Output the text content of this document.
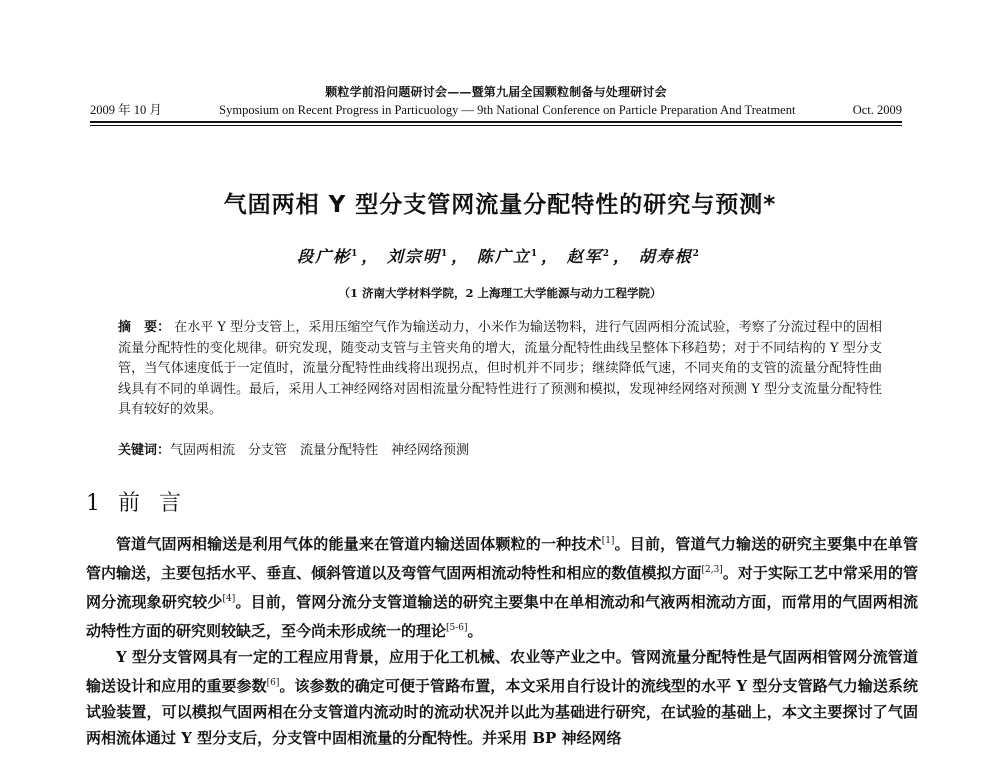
颗粒学前沿问题研讨会——暨第九届全国颗粒制备与处理研讨会
2009 年 10 月	Symposium on Recent Progress in Particuology — 9th National Conference on Particle Preparation And Treatment	Oct. 2009
气固两相 Y 型分支管网流量分配特性的研究与预测*
段广彬$^1$ ， 刘宗明$^1$ ， 陈广立$^1$ ， 赵军$^2$ ， 胡寿根$^2$
（1 济南大学材料学院，2 上海理工大学能源与动力工程学院）
摘　要： 在水平 Y 型分支管上，采用压缩空气作为输送动力，小米作为输送物料，进行气固两相分流试验，考察了分流过程中的固相流量分配特性的变化规律。研究发现，随变动支管与主管夹角的增大，流量分配特性曲线呈整体下移趋势；对于不同结构的 Y 型分支管，当气体速度低于一定值时，流量分配特性曲线将出现拐点，但时机并不同步；继续降低气速，不同夹角的支管的流量分配特性曲线具有不同的单调性。最后，采用人工神经网络对固相流量分配特性进行了预测和模拟，发现神经网络对预测 Y 型分支流量分配特性具有较好的效果。
关键词：气固两相流　分支管　流量分配特性　神经网络预测
1 前 言

管道气固两相输送是利用气体的能量来在管道内输送固体颗粒的一种技术[1]。目前，管道气力输送的研究主要集中在单管管内输送，主要包括水平、垂直、倾斜管道以及弯管气固两相流动特性和相应的数值模拟方面[2,3]。对于实际工艺中常采用的管网分流现象研究较少[4]。目前，管网分流分支管道输送的研究主要集中在单相流动和气液两相流动方面，而常用的气固两相流动特性方面的研究则较缺乏，至今尚未形成统一的理论[5-6]。

Y 型分支管网具有一定的工程应用背景，应用于化工机械、农业等产业之中。管网流量分配特性是气固两相管网分流管道输送设计和应用的重要参数[6]。该参数的确定可便于管路布置，本文采用自行设计的流线型的水平 Y 型分支管路气力输送系统试验装置，可以模拟气固两相在分支管道内流动时的流动状况并以此为基础进行研究，在试验的基础上，本文主要探讨了气固两相流体通过 Y 型分支后，分支管中固相流量的分配特性。并采用 BP 神经网络
